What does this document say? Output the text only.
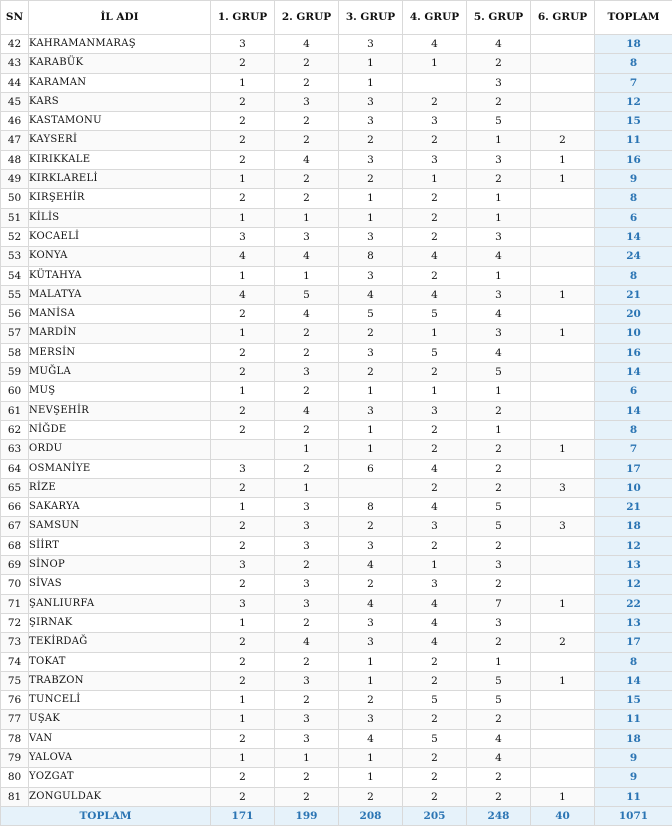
SN	İL ADI	1. GRUP	2. GRUP	3. GRUP	4. GRUP	5. GRUP	6. GRUP	TOPLAM
42	KAHRAMANMARAŞ	3	4	3	4	4		18
43	KARABÜK	2	2	1	1	2		8
44	KARAMAN	1	2	1		3		7
45	KARS	2	3	3	2	2		12
46	KASTAMONU	2	2	3	3	5		15
47	KAYSERİ	2	2	2	2	1	2	11
48	KIRIKKALE	2	4	3	3	3	1	16
49	KIRKLARELİ	1	2	2	1	2	1	9
50	KIRŞEHİR	2	2	1	2	1		8
51	KİLİS	1	1	1	2	1		6
52	KOCAELİ	3	3	3	2	3		14
53	KONYA	4	4	8	4	4		24
54	KÜTAHYA	1	1	3	2	1		8
55	MALATYA	4	5	4	4	3	1	21
56	MANİSA	2	4	5	5	4		20
57	MARDİN	1	2	2	1	3	1	10
58	MERSİN	2	2	3	5	4		16
59	MUĞLA	2	3	2	2	5		14
60	MUŞ	1	2	1	1	1		6
61	NEVŞEHİR	2	4	3	3	2		14
62	NİĞDE	2	2	1	2	1		8
63	ORDU		1	1	2	2	1	7
64	OSMANİYE	3	2	6	4	2		17
65	RİZE	2	1		2	2	3	10
66	SAKARYA	1	3	8	4	5		21
67	SAMSUN	2	3	2	3	5	3	18
68	SİİRT	2	3	3	2	2		12
69	SİNOP	3	2	4	1	3		13
70	SİVAS	2	3	2	3	2		12
71	ŞANLIURFA	3	3	4	4	7	1	22
72	ŞIRNAK	1	2	3	4	3		13
73	TEKİRDAĞ	2	4	3	4	2	2	17
74	TOKAT	2	2	1	2	1		8
75	TRABZON	2	3	1	2	5	1	14
76	TUNCELİ	1	2	2	5	5		15
77	UŞAK	1	3	3	2	2		11
78	VAN	2	3	4	5	4		18
79	YALOVA	1	1	1	2	4		9
80	YOZGAT	2	2	1	2	2		9
81	ZONGULDAK	2	2	2	2	2	1	11
TOPLAM		171	199	208	205	248	40	1071
